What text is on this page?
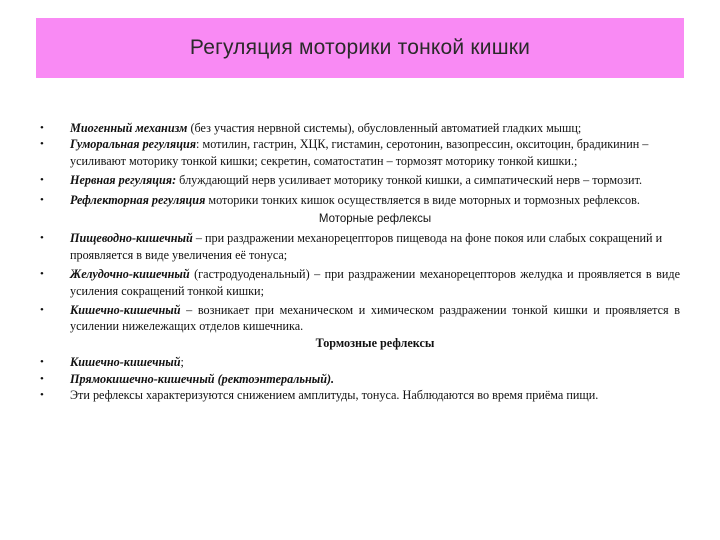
Регуляция моторики тонкой кишки
• Миогенный механизм (без участия нервной системы), обусловленный автоматией гладких мышц;
• Гуморальная регуляция: мотилин, гастрин, ХЦК, гистамин, серотонин, вазопрессин, окситоцин, брадикинин – усиливают моторику тонкой кишки; секретин, соматостатин – тормозят моторику тонкой кишки.;
• Нервная регуляция: блуждающий нерв усиливает моторику тонкой кишки, а симпатический нерв – тормозит.
• Рефлекторная регуляция моторики тонких кишок осуществляется в виде моторных и тормозных рефлексов.
Моторные рефлексы
• Пищеводно-кишечный – при раздражении механорецепторов пищевода на фоне покоя или слабых сокращений и проявляется в виде увеличения её тонуса;
• Желудочно-кишечный (гастродуоденальный) – при раздражении механорецепторов желудка и проявляется в виде усиления сокращений тонкой кишки;
• Кишечно-кишечный – возникает при механическом и химическом раздражении тонкой кишки и проявляется в усилении нижележащих отделов кишечника.
Тормозные рефлексы
• Кишечно-кишечный;
• Прямокишечно-кишечный (ректоэнтеральный).
• Эти рефлексы характеризуются снижением амплитуды, тонуса. Наблюдаются во время приёма пищи.
